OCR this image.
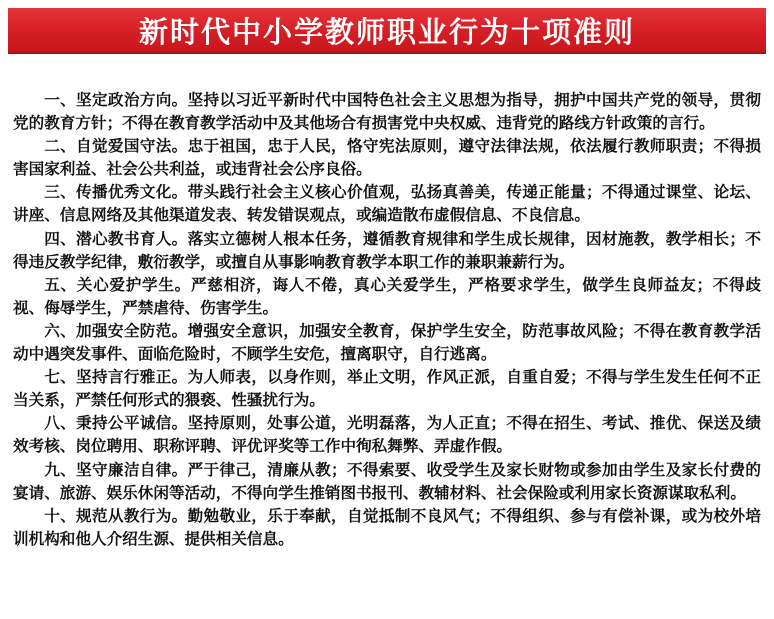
新时代中小学教师职业行为十项准则

一、坚定政治方向。坚持以习近平新时代中国特色社会主义思想为指导，拥护中国共产党的领导，贯彻党的教育方针；不得在教育教学活动中及其他场合有损害党中央权威、违背党的路线方针政策的言行。

二、自觉爱国守法。忠于祖国，忠于人民，恪守宪法原则，遵守法律法规，依法履行教师职责；不得损害国家利益、社会公共利益，或违背社会公序良俗。

三、传播优秀文化。带头践行社会主义核心价值观，弘扬真善美，传递正能量；不得通过课堂、论坛、讲座、信息网络及其他渠道发表、转发错误观点，或编造散布虚假信息、不良信息。

四、潜心教书育人。落实立德树人根本任务，遵循教育规律和学生成长规律，因材施教，教学相长；不得违反教学纪律，敷衍教学，或擅自从事影响教育教学本职工作的兼职兼薪行为。

五、关心爱护学生。严慈相济，诲人不倦，真心关爱学生，严格要求学生，做学生良师益友；不得歧视、侮辱学生，严禁虐待、伤害学生。

六、加强安全防范。增强安全意识，加强安全教育，保护学生安全，防范事故风险；不得在教育教学活动中遇突发事件、面临危险时，不顾学生安危，擅离职守，自行逃离。

七、坚持言行雅正。为人师表，以身作则，举止文明，作风正派，自重自爱；不得与学生发生任何不正当关系，严禁任何形式的猥亵、性骚扰行为。

八、秉持公平诚信。坚持原则，处事公道，光明磊落，为人正直；不得在招生、考试、推优、保送及绩效考核、岗位聘用、职称评聘、评优评奖等工作中徇私舞弊、弄虚作假。

九、坚守廉洁自律。严于律己，清廉从教；不得索要、收受学生及家长财物或参加由学生及家长付费的宴请、旅游、娱乐休闲等活动，不得向学生推销图书报刊、教辅材料、社会保险或利用家长资源谋取私利。

十、规范从教行为。勤勉敬业，乐于奉献，自觉抵制不良风气；不得组织、参与有偿补课，或为校外培训机构和他人介绍生源、提供相关信息。
